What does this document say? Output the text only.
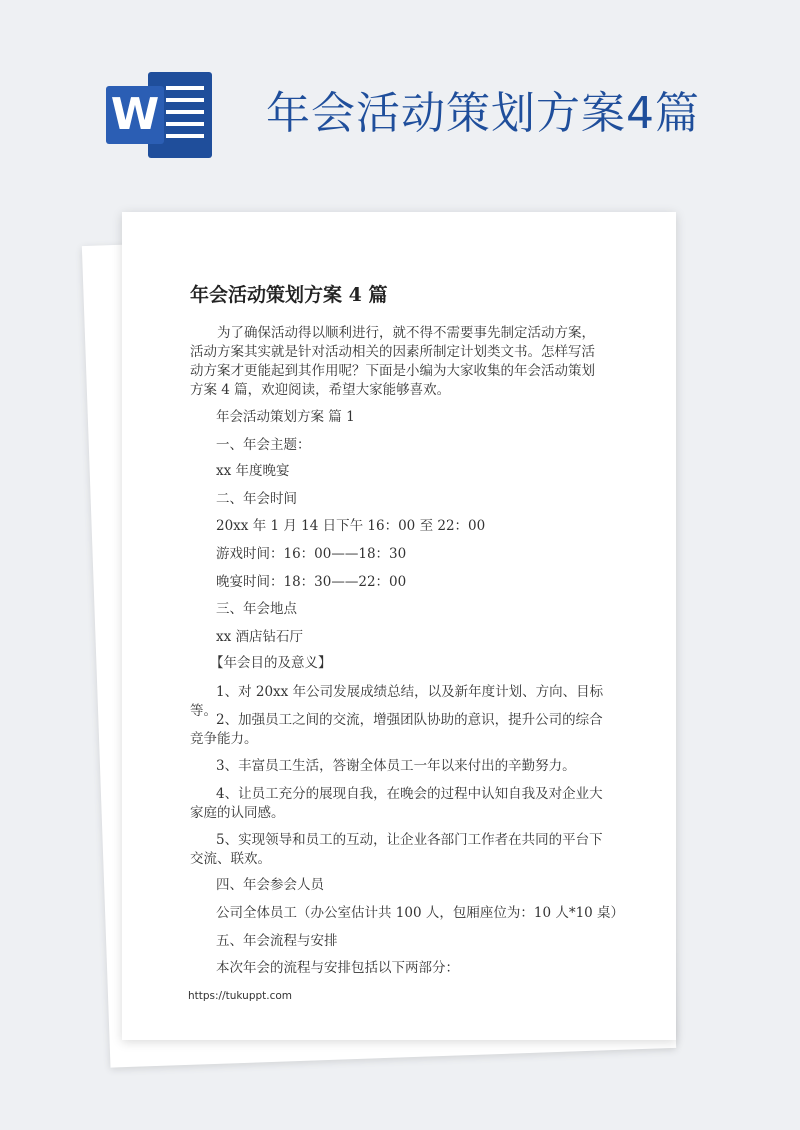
W 年会活动策划方案4篇
年会活动策划方案 4 篇

为了确保活动得以顺利进行，就不得不需要事先制定活动方案，活动方案其实就是针对活动相关的因素所制定计划类文书。怎样写活动方案才更能起到其作用呢？下面是小编为大家收集的年会活动策划方案 4 篇，欢迎阅读，希望大家能够喜欢。

年会活动策划方案 篇 1

一、年会主题：

xx 年度晚宴

二、年会时间

20xx 年 1 月 14 日下午 16：00 至 22：00

游戏时间：16：00——18：30

晚宴时间：18：30——22：00

三、年会地点

xx 酒店钻石厅

【年会目的及意义】

1、对 20xx 年公司发展成绩总结，以及新年度计划、方向、目标等。

2、加强员工之间的交流，增强团队协助的意识，提升公司的综合竞争能力。

3、丰富员工生活，答谢全体员工一年以来付出的辛勤努力。

4、让员工充分的展现自我，在晚会的过程中认知自我及对企业大家庭的认同感。

5、实现领导和员工的互动，让企业各部门工作者在共同的平台下交流、联欢。

四、年会参会人员

公司全体员工（办公室估计共 100 人，包厢座位为：10 人*10 桌）

五、年会流程与安排

本次年会的流程与安排包括以下两部分：

https://tukuppt.com
